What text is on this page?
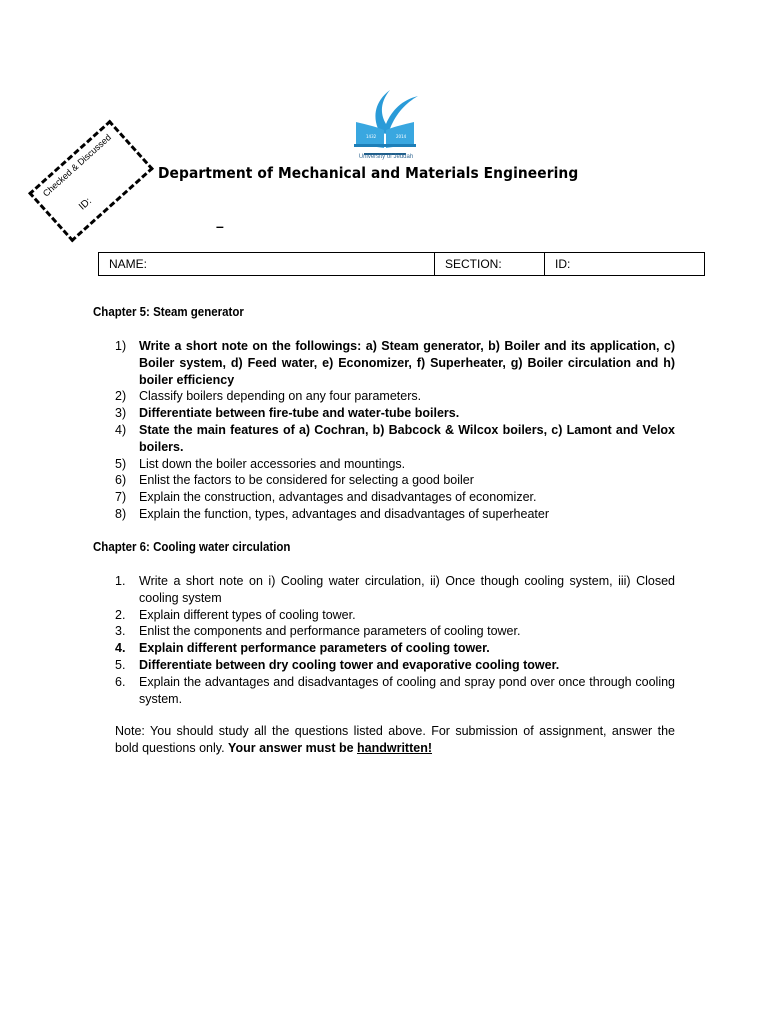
1432	2014
University of Jeddah
Checked & Discussed
ID:
Department of Mechanical and Materials Engineering
–
NAME:	SECTION:	ID:
Chapter 5: Steam generator
1)	Write a short note on the followings: a) Steam generator, b) Boiler and its application, c) Boiler system, d) Feed water, e) Economizer, f) Superheater, g) Boiler circulation and h) boiler efficiency
2)	Classify boilers depending on any four parameters.
3)	Differentiate between fire-tube and water-tube boilers.
4)	State the main features of a) Cochran, b) Babcock & Wilcox boilers, c) Lamont and Velox boilers.
5)	List down the boiler accessories and mountings.
6)	Enlist the factors to be considered for selecting a good boiler
7)	Explain the construction, advantages and disadvantages of economizer.
8)	Explain the function, types, advantages and disadvantages of superheater
Chapter 6: Cooling water circulation
1.	Write a short note on i) Cooling water circulation, ii) Once though cooling system, iii) Closed cooling system
2.	Explain different types of cooling tower.
3.	Enlist the components and performance parameters of cooling tower.
4.	Explain different performance parameters of cooling tower.
5.	Differentiate between dry cooling tower and evaporative cooling tower.
6.	Explain the advantages and disadvantages of cooling and spray pond over once through cooling system.
Note: You should study all the questions listed above. For submission of assignment, answer the bold questions only. Your answer must be handwritten!
